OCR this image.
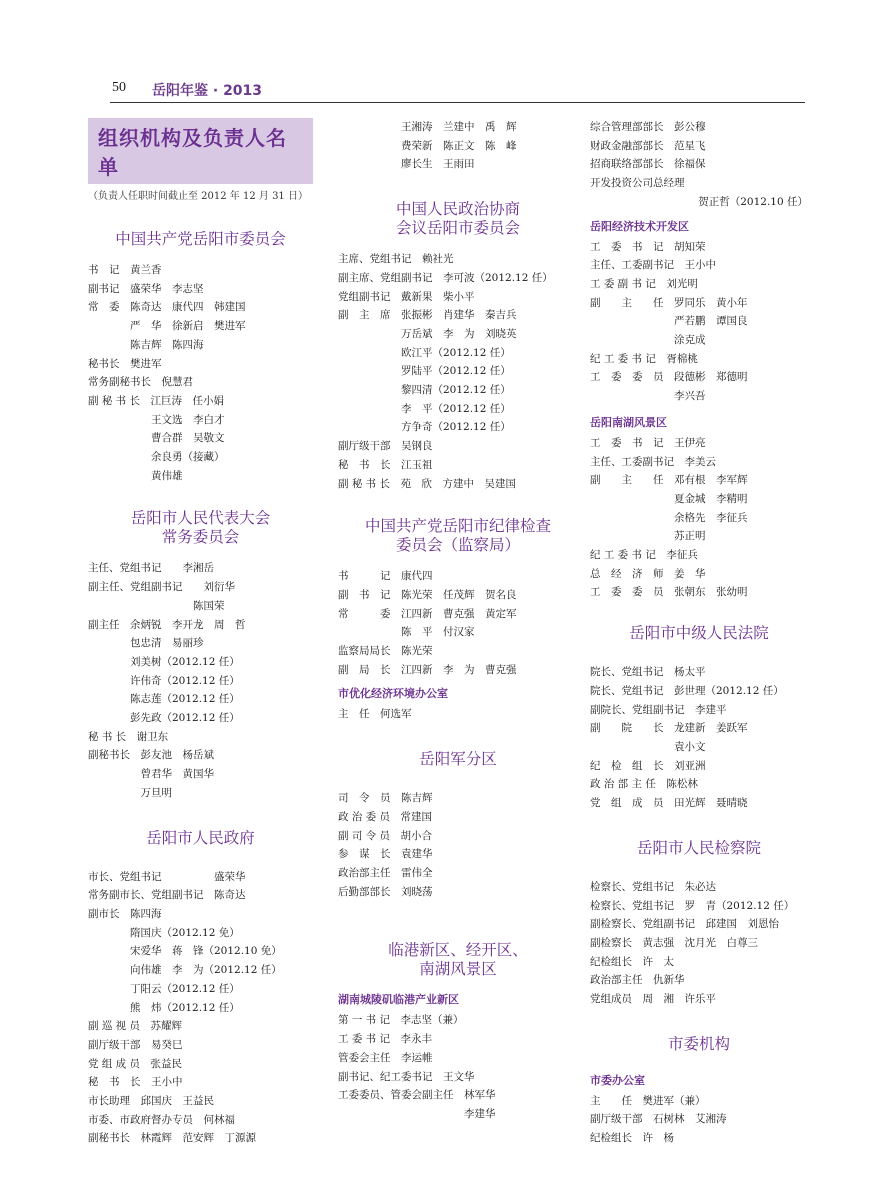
50 岳阳年鉴 · 2013
组织机构及负责人名单
（负责人任职时间截止至 2012 年 12 月 31 日）
中国共产党岳阳市委员会
书　记　黄兰香
副书记　盛荣华　李志坚
常　委　陈奇达　康代四　韩建国
　　　　严　华　徐新启　樊进军
　　　　陈吉辉　陈四海
秘书长　樊进军
常务副秘书长　倪慧君
副 秘 书 长　江巨涛　任小娟
　　　　　　王文选　李白才
　　　　　　曹合群　吴敬文
　　　　　　余良勇（接藏）
　　　　　　黄伟雄
岳阳市人民代表大会
常务委员会
主任、党组书记　　李湘岳
副主任、党组副书记　　刘衍华
　　　　　　　　　　陈国荣
副主任　余炳锐　李开龙　周　哲
　　　　包忠清　易丽珍
　　　　刘美树（2012.12 任）
　　　　许伟奇（2012.12 任）
　　　　陈志莲（2012.12 任）
　　　　彭先政（2012.12 任）
秘 书 长　谢卫东
副秘书长　彭友池　杨岳斌
　　　　　曾君华　黄国华
　　　　　万旦明
岳阳市人民政府
市长、党组书记　　　　　盛荣华
常务副市长、党组副书记　陈奇达
副市长　陈四海
　　　　隋国庆（2012.12 免）
　　　　宋爱华　蒋　锋（2012.10 免）
　　　　向伟雄　李　为（2012.12 任）
　　　　丁阳云（2012.12 任）
　　　　熊　炜（2012.12 任）
副 巡 视 员　苏耀辉
副厅级干部　易癸巳
党 组 成 员　张益民
秘　书　长　王小中
市长助理　邱国庆　王益民
市委、市政府督办专员　何林福
副秘书长　林霞辉　范安辉　丁源源
　　　　　　王湘涛　兰建中　禹　辉
　　　　　　费荣新　陈正文　陈　峰
　　　　　　廖长生　王雨田
中国人民政治协商
会议岳阳市委员会
主席、党组书记　赖社光
副主席、党组副书记　李可波（2012.12 任）
党组副书记　戴新果　柴小平
副　主　席　张振彬　肖建华　秦吉兵
　　　　　　万岳斌　李　为　刘晓英
　　　　　　欧江平（2012.12 任）
　　　　　　罗陆平（2012.12 任）
　　　　　　黎四清（2012.12 任）
　　　　　　李　平（2012.12 任）
　　　　　　方争奇（2012.12 任）
副厅级干部　吴钢良
秘　书　长　江玉祖
副 秘 书 长　苑　欣　方建中　吴建国
中国共产党岳阳市纪律检查
委员会（监察局）
书　　　记　康代四
副　书　记　陈光荣　任茂辉　贺名良
常　　　委　江四新　曹克强　黄定军
　　　　　　陈　平　付汉家
监察局局长　陈光荣
副　局　长　江四新　李　为　曹克强
市优化经济环境办公室
主　任　何选军
岳阳军分区
司　令　员　陈吉辉
政 治 委 员　常建国
副 司 令 员　胡小合
参　谋　长　袁建华
政治部主任　雷伟全
后勤部部长　刘晓荡
临港新区、经开区、
南湖风景区
湖南城陵矶临港产业新区
第 一 书 记　李志坚（兼）
工 委 书 记　李永丰
管委会主任　李运帷
副书记、纪工委书记　王文华
工委委员、管委会副主任　林军华
　　　　　　　　　　　　李建华
综合管理部部长　彭公穆
财政金融部部长　范星飞
招商联络部部长　徐福保
开发投资公司总经理
贺正哲（2012.10 任）
岳阳经济技术开发区
工　委　书　记　胡知荣
主任、工委副书记　王小中
工 委 副 书 记　刘光明
副　　主　　任　罗同乐　黄小年
　　　　　　　　严若鹏　谭国良
　　　　　　　　涂克成
纪 工 委 书 记　胥棉桃
工　委　委　员　段德彬　郑德明
　　　　　　　　李兴吾
岳阳南湖风景区
工　委　书　记　王伊亮
主任、工委副书记　李美云
副　　主　　任　邓有根　李军辉
　　　　　　　　夏金城　李精明
　　　　　　　　余格先　李征兵
　　　　　　　　苏正明
纪 工 委 书 记　李征兵
总　经　济　师　姜　华
工　委　委　员　张朝东　张幼明
岳阳市中级人民法院
院长、党组书记　杨太平
院长、党组书记　彭世理（2012.12 任）
副院长、党组副书记　李建平
副　　院　　长　龙建新　姜跃军
　　　　　　　　袁小文
纪　检　组　长　刘亚洲
政 治 部 主 任　陈松林
党　组　成　员　田光辉　聂晴晓
岳阳市人民检察院
检察长、党组书记　朱必达
检察长、党组书记　罗　青（2012.12 任）
副检察长、党组副书记　邱建国　刘恩怡
副检察长　黄志强　沈月光　白尊三
纪检组长　许　太
政治部主任　仇新华
党组成员　周　湘　许乐平
市委机构
市委办公室
主　　任　樊进军（兼）
副厅级干部　石树林　艾湘涛
纪检组长　许　杨
